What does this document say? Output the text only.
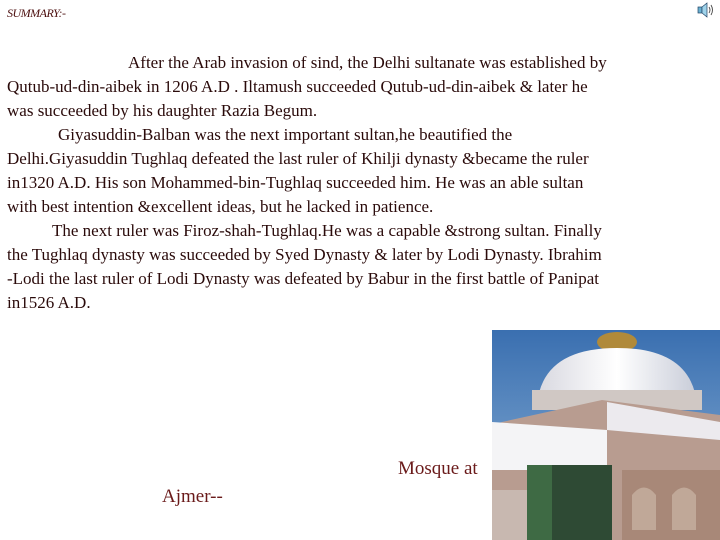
SUMMARY:-
After the Arab invasion of sind, the Delhi sultanate was established by
Qutub-ud-din-aibek in 1206 A.D . Iltamush succeeded Qutub-ud-din-aibek & later he
was succeeded by his daughter Razia Begum.
Giyasuddin-Balban was the next important sultan,he beautified the
Delhi.Giyasuddin Tughlaq defeated the last ruler of Khilji dynasty &became the ruler
in1320 A.D. His son Mohammed-bin-Tughlaq succeeded him. He was an able sultan
with best intention &excellent ideas, but he lacked in patience.
The next ruler was Firoz-shah-Tughlaq.He was a capable &strong sultan. Finally
the Tughlaq dynasty was succeeded by Syed Dynasty & later by Lodi Dynasty. Ibrahim
-Lodi the last ruler of Lodi Dynasty was defeated by Babur in the first battle of Panipat
in1526 A.D.
Mosque at
Ajmer--
